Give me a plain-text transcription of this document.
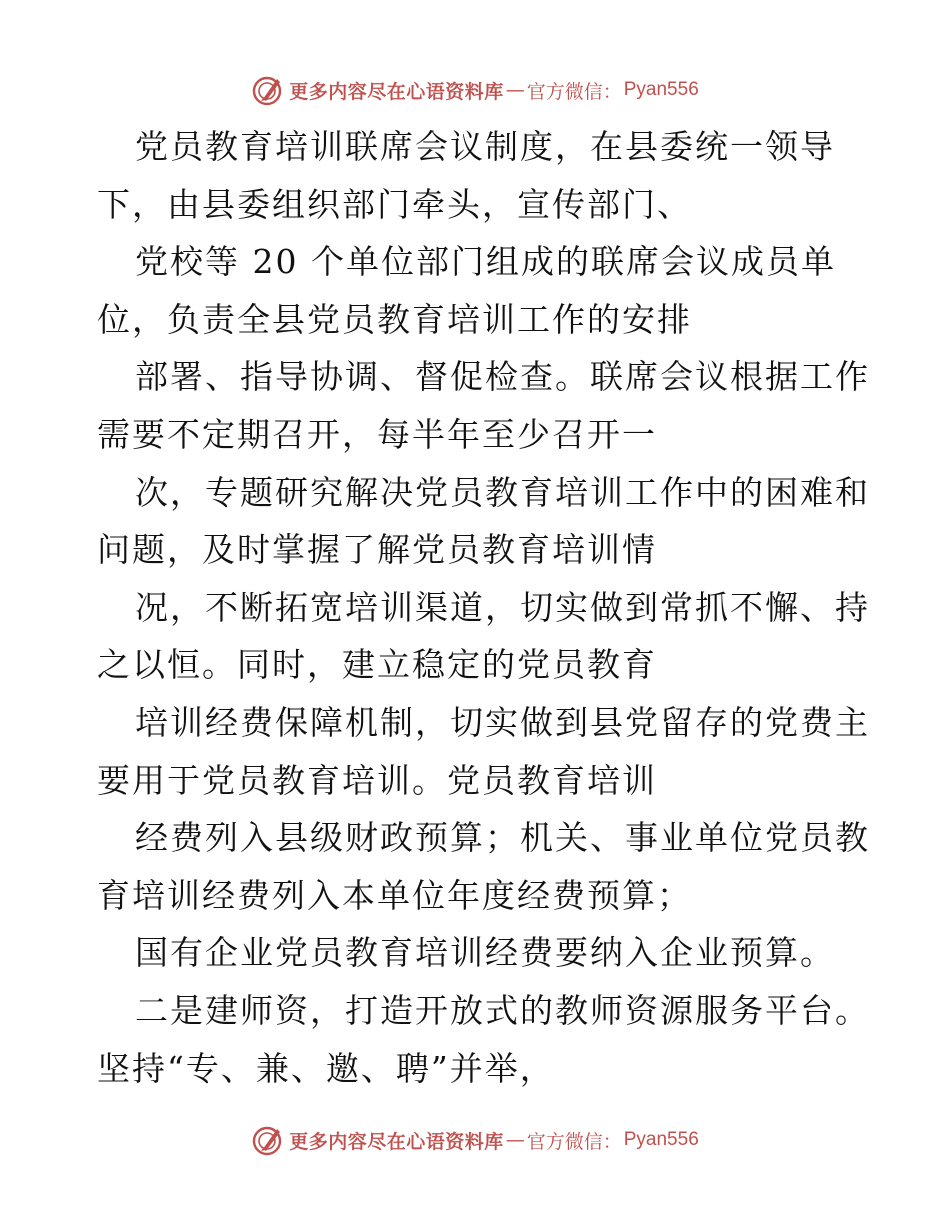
更多内容尽在心语资料库 — 官方微信： Pyan556
党员教育培训联席会议制度，在县委统一领导
下，由县委组织部门牵头，宣传部门、
党校等 20 个单位部门组成的联席会议成员单
位，负责全县党员教育培训工作的安排
部署、指导协调、督促检查。联席会议根据工作
需要不定期召开，每半年至少召开一
次，专题研究解决党员教育培训工作中的困难和
问题，及时掌握了解党员教育培训情
况，不断拓宽培训渠道，切实做到常抓不懈、持
之以恒。同时，建立稳定的党员教育
培训经费保障机制，切实做到县党留存的党费主
要用于党员教育培训。党员教育培训
经费列入县级财政预算；机关、事业单位党员教
育培训经费列入本单位年度经费预算；
国有企业党员教育培训经费要纳入企业预算。
二是建师资，打造开放式的教师资源服务平台。
坚持“专、兼、邀、聘”并举，
更多内容尽在心语资料库 — 官方微信： Pyan556
